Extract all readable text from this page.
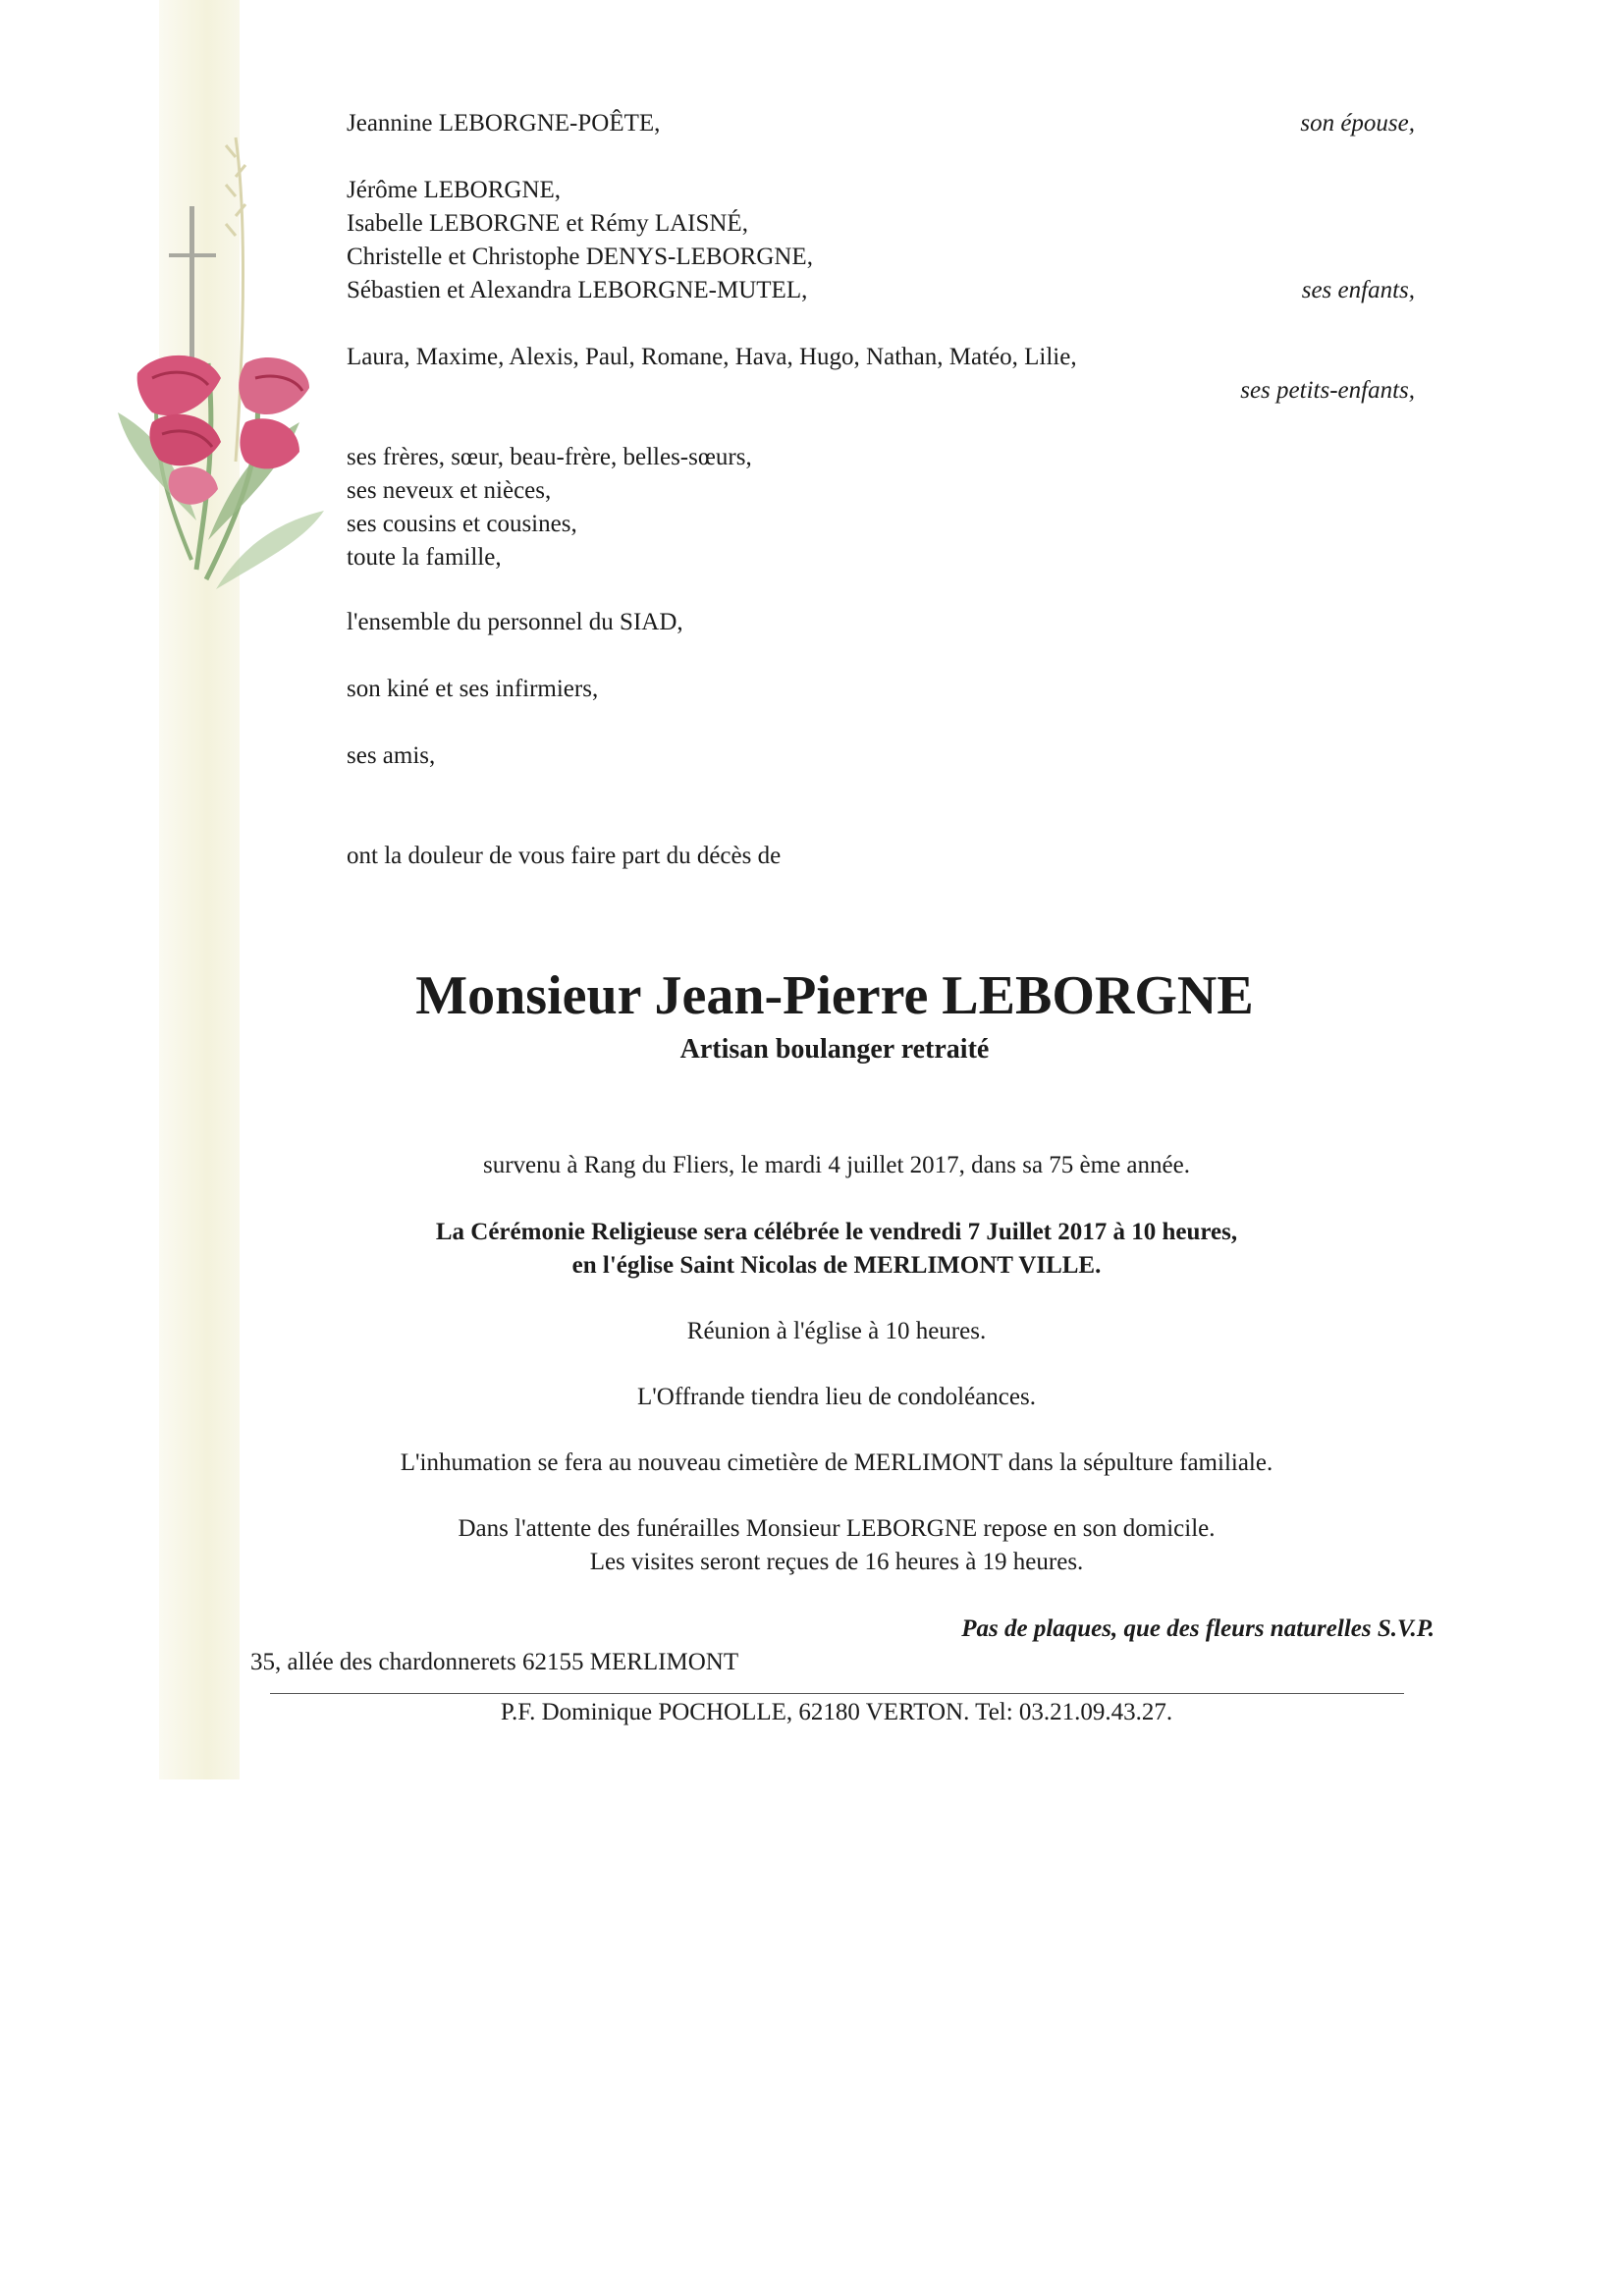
Jeannine LEBORGNE-POÊTE,	son épouse,
Jérôme LEBORGNE,
Isabelle LEBORGNE et Rémy LAISNÉ,
Christelle et Christophe DENYS-LEBORGNE,
Sébastien et Alexandra LEBORGNE-MUTEL,	ses enfants,
Laura, Maxime, Alexis, Paul, Romane, Hava, Hugo, Nathan, Matéo, Lilie,
ses petits-enfants,
ses frères, sœur, beau-frère, belles-sœurs,
ses neveux et nièces,
ses cousins et cousines,
toute la famille,
l'ensemble du personnel du SIAD,
son kiné et ses infirmiers,
ses amis,
ont la douleur de vous faire part du décès de
Monsieur Jean-Pierre LEBORGNE
Artisan boulanger retraité
survenu à Rang du Fliers, le mardi 4 juillet 2017, dans sa 75 ème année.
La Cérémonie Religieuse sera célébrée le vendredi 7 Juillet 2017 à 10 heures,
en l'église Saint Nicolas de MERLIMONT VILLE.
Réunion à l'église à 10 heures.
L'Offrande tiendra lieu de condoléances.
L'inhumation se fera au nouveau cimetière de MERLIMONT dans la sépulture familiale.
Dans l'attente des funérailles Monsieur LEBORGNE repose en son domicile.
Les visites seront reçues de 16 heures à 19 heures.
Pas de plaques, que des fleurs naturelles S.V.P.
35, allée des chardonnerets 62155 MERLIMONT
P.F. Dominique POCHOLLE, 62180 VERTON. Tel: 03.21.09.43.27.
